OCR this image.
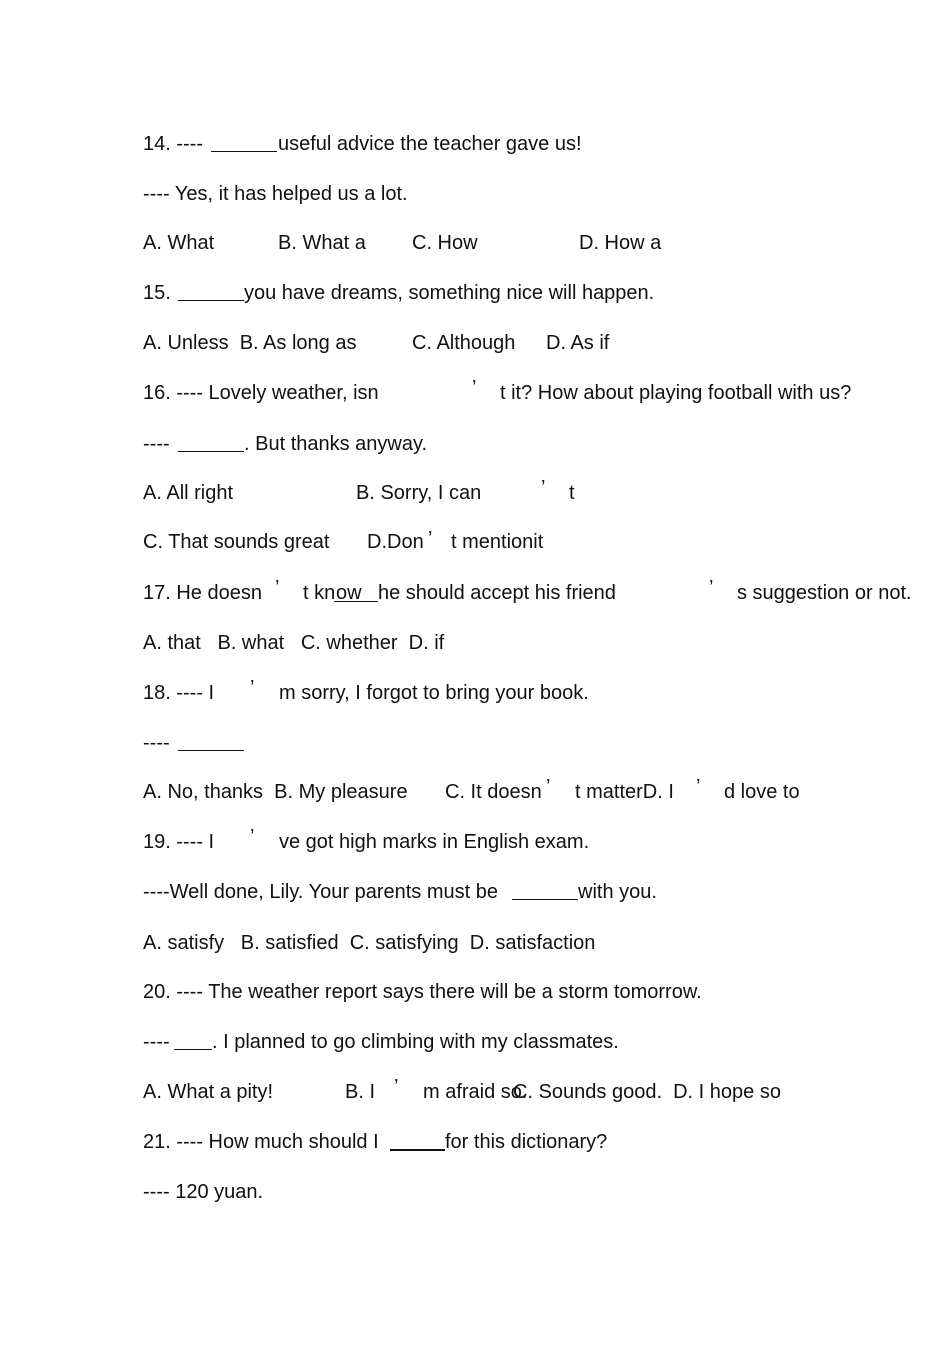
14. ----	useful advice the teacher gave us!
---- Yes, it has helped us a lot.
A. What	B. What a C. How	D. How a
15.	you have dreams, something nice will happen.
A. Unless  B. As long as	C. Although D. As if
16. ---- Lovely weather, isn	’ t it? How about playing football with us?
----	. But thanks anyway.
A. All right	B. Sorry, I can	’ t
C. That sounds great D.Don ’ t mentionit
17. He doesn ’ t kn ow he should accept his friend	’ s suggestion or not.
A. that   B. what   C. whether  D. if
18. ---- I ’ m sorry, I forgot to bring your book.
----
A. No, thanks  B. My pleasure C. It doesn ’ t matterD. I ’ d love to
19. ---- I ’ ve got high marks in English exam.
----Well done, Lily. Your parents must be	with you.
A. satisfy   B. satisfied  C. satisfying  D. satisfaction
20. ---- The weather report says there will be a storm tomorrow.
---- . I planned to go climbing with my classmates.
A. What a pity!	B. I ’ m afraid so.
C. Sounds good.  D. I hope so
21. ---- How much should I	for this dictionary?
---- 120 yuan.
